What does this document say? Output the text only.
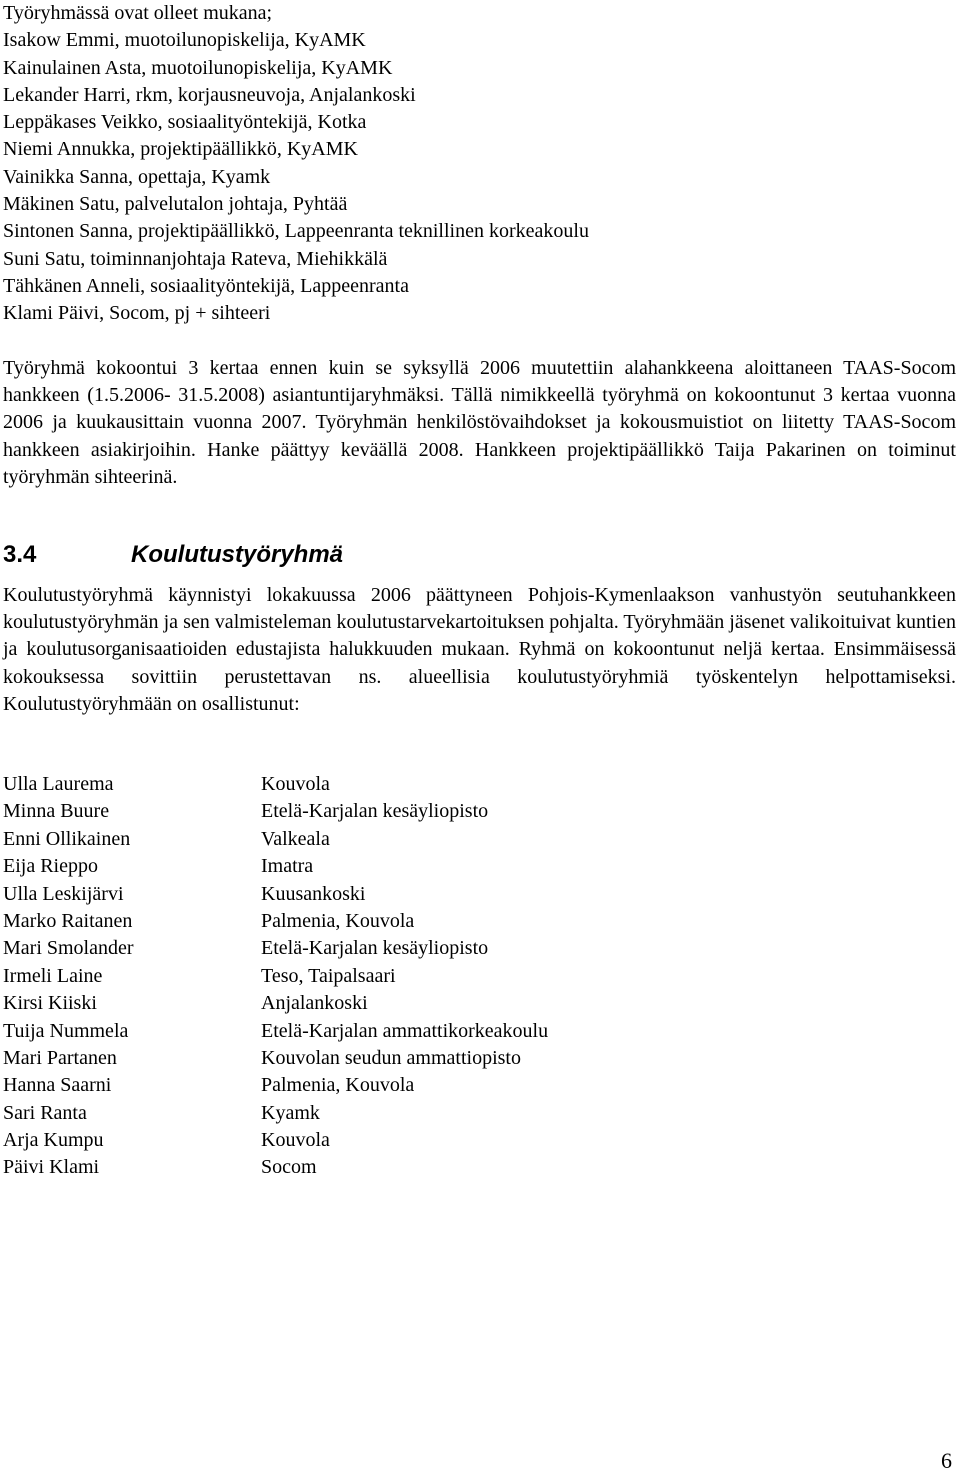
Työryhmässä ovat olleet mukana;
Isakow Emmi, muotoilunopiskelija, KyAMK
Kainulainen Asta, muotoilunopiskelija, KyAMK
Lekander Harri, rkm, korjausneuvoja, Anjalankoski
Leppäkases Veikko, sosiaalityöntekijä, Kotka
Niemi Annukka, projektipäällikkö, KyAMK
Vainikka Sanna, opettaja, Kyamk
Mäkinen Satu, palvelutalon johtaja, Pyhtää
Sintonen Sanna, projektipäällikkö, Lappeenranta teknillinen korkeakoulu
Suni Satu, toiminnanjohtaja Rateva, Miehikkälä
Tähkänen Anneli, sosiaalityöntekijä, Lappeenranta
Klami Päivi, Socom, pj + sihteeri

Työryhmä kokoontui 3 kertaa ennen kuin se syksyllä 2006 muutettiin alahankkeena aloittaneen TAAS-Socom hankkeen (1.5.2006- 31.5.2008) asiantuntijaryhmäksi. Tällä nimikkeellä työryhmä on kokoontunut 3 kertaa vuonna 2006 ja kuukausittain vuonna 2007. Työryhmän henkilöstövaihdokset ja kokousmuistiot on liitetty TAAS-Socom hankkeen asiakirjoihin. Hanke päättyy keväällä 2008. Hankkeen projektipäällikkö Taija Pakarinen on toiminut työryhmän sihteerinä.

3.4	Koulutustyöryhmä

Koulutustyöryhmä käynnistyi lokakuussa 2006 päättyneen Pohjois-Kymenlaakson vanhustyön seutuhankkeen koulutustyöryhmän ja sen valmisteleman koulutustarvekartoituksen pohjalta. Työryhmään jäsenet valikoituivat kuntien ja koulutusorganisaatioiden edustajista halukkuuden mukaan. Ryhmä on kokoontunut neljä kertaa. Ensimmäisessä kokouksessa sovittiin perustettavan ns. alueellisia koulutustyöryhmiä työskentelyn helpottamiseksi. Koulutustyöryhmään on osallistunut:

Ulla Laurema	Kouvola
Minna Buure	Etelä-Karjalan kesäyliopisto
Enni Ollikainen	Valkeala
Eija Rieppo	Imatra
Ulla Leskijärvi	Kuusankoski
Marko Raitanen	Palmenia, Kouvola
Mari Smolander	Etelä-Karjalan kesäyliopisto
Irmeli Laine	Teso, Taipalsaari
Kirsi Kiiski	Anjalankoski
Tuija Nummela	Etelä-Karjalan ammattikorkeakoulu
Mari Partanen	Kouvolan seudun ammattiopisto
Hanna Saarni	Palmenia, Kouvola
Sari Ranta	Kyamk
Arja Kumpu	Kouvola
Päivi Klami	Socom
6
